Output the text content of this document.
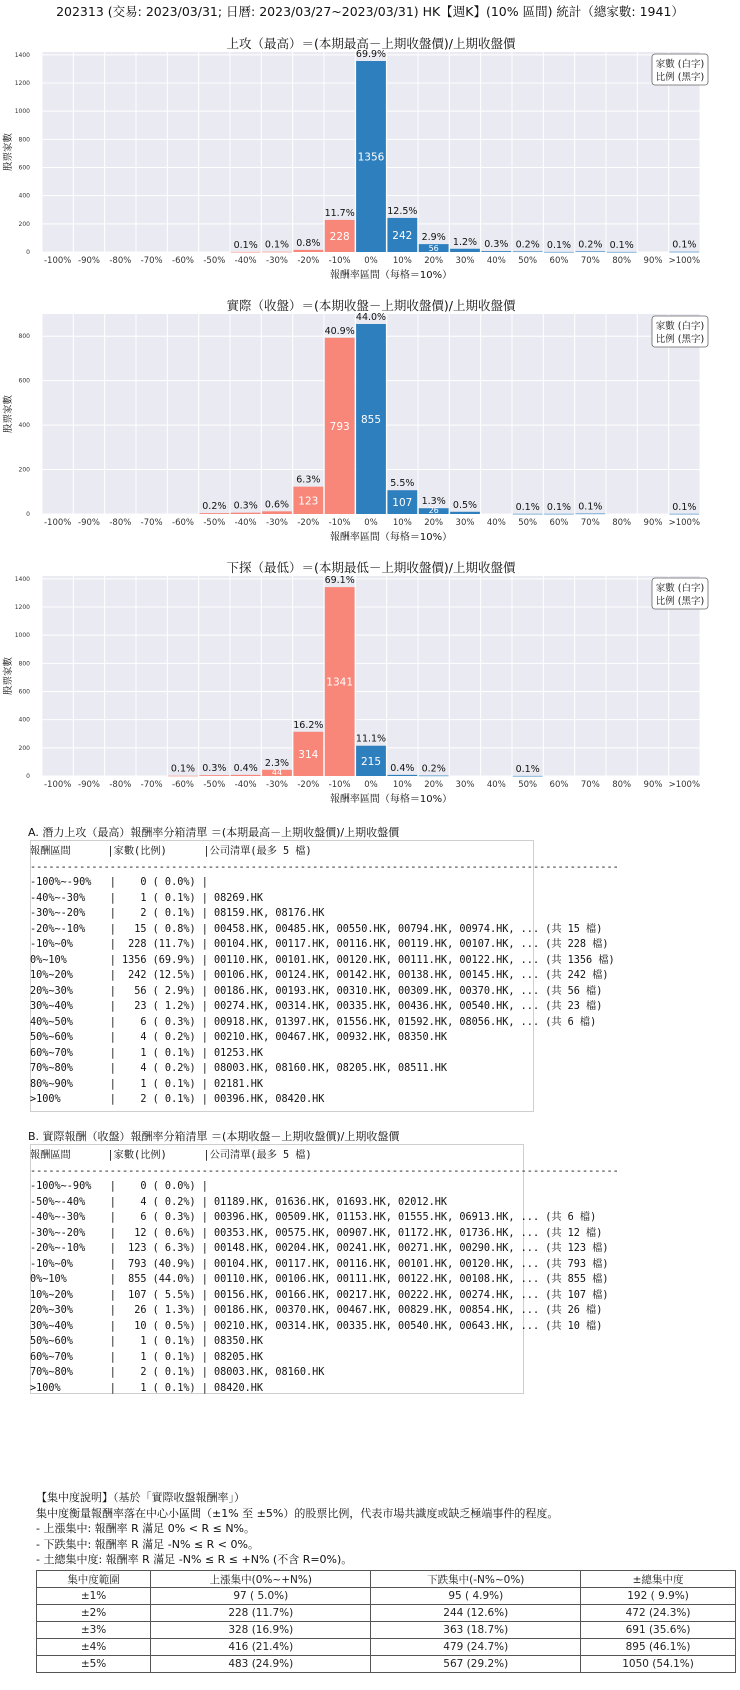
202313 (交易: 2023/03/31; 日曆: 2023/03/27~2023/03/31) HK【週K】(10% 區間) 統計（總家數: 1941）
上攻（最高）＝(本期最高－上期收盤價)/上期收盤價
0
200
400
600
800
1000
1200
1400
0.1% 0.1% 0.8%
11.7%
228
69.9%
1356
12.5%
242 2.9%
56
1.2% 0.3% 0.2% 0.1% 0.2% 0.1%	0.1%
-100% -90% -80% -70% -60% -50% -40% -30% -20% -10% 0% 10% 20% 30% 40% 50% 60% 70% 80% 90% >100%
報酬率區間（每格＝10%）
股票家數
家數 (白字)
比例 (黑字)
實際（收盤）＝(本期收盤－上期收盤價)/上期收盤價
0
200
400
600
800
0.2% 0.3% 0.6%
6.3%
123
40.9%
793
44.0%
855
5.5%
107 1.3%
26 0.5%	0.1% 0.1% 0.1%	0.1%
-100% -90% -80% -70% -60% -50% -40% -30% -20% -10% 0% 10% 20% 30% 40% 50% 60% 70% 80% 90% >100%
報酬率區間（每格＝10%）
股票家數
家數 (白字)
比例 (黑字)
下探（最低）＝(本期最低－上期收盤價)/上期收盤價
0
200
400
600
800
1000
1200
1400
0.1% 0.3% 0.4% 2.3%
44
16.2%
314
69.1%
1341
11.1%
215
0.4% 0.2%	0.1%
-100% -90% -80% -70% -60% -50% -40% -30% -20% -10% 0% 10% 20% 30% 40% 50% 60% 70% 80% 90% >100%
報酬率區間（每格＝10%）
股票家數
家數 (白字)
比例 (黑字)
A. 潛力上攻（最高）報酬率分箱清單 ＝(本期最高－上期收盤價)/上期收盤價
報酬區間      |家數(比例)      |公司清單(最多 5 檔)
------------------------------------------------------------------------------------------------
-100%~-90%   |    0 ( 0.0%) |
-40%~-30%    |    1 ( 0.1%) | 08269.HK
-30%~-20%    |    2 ( 0.1%) | 08159.HK, 08176.HK
-20%~-10%    |   15 ( 0.8%) | 00458.HK, 00485.HK, 00550.HK, 00794.HK, 00974.HK, ... (共 15 檔)
-10%~0%      |  228 (11.7%) | 00104.HK, 00117.HK, 00116.HK, 00119.HK, 00107.HK, ... (共 228 檔)
0%~10%       | 1356 (69.9%) | 00110.HK, 00101.HK, 00120.HK, 00111.HK, 00122.HK, ... (共 1356 檔)
10%~20%      |  242 (12.5%) | 00106.HK, 00124.HK, 00142.HK, 00138.HK, 00145.HK, ... (共 242 檔)
20%~30%      |   56 ( 2.9%) | 00186.HK, 00193.HK, 00310.HK, 00309.HK, 00370.HK, ... (共 56 檔)
30%~40%      |   23 ( 1.2%) | 00274.HK, 00314.HK, 00335.HK, 00436.HK, 00540.HK, ... (共 23 檔)
40%~50%      |    6 ( 0.3%) | 00918.HK, 01397.HK, 01556.HK, 01592.HK, 08056.HK, ... (共 6 檔)
50%~60%      |    4 ( 0.2%) | 00210.HK, 00467.HK, 00932.HK, 08350.HK
60%~70%      |    1 ( 0.1%) | 01253.HK
70%~80%      |    4 ( 0.2%) | 08003.HK, 08160.HK, 08205.HK, 08511.HK
80%~90%      |    1 ( 0.1%) | 02181.HK
>100%        |    2 ( 0.1%) | 00396.HK, 08420.HK
B. 實際報酬（收盤）報酬率分箱清單 ＝(本期收盤－上期收盤價)/上期收盤價
報酬區間      |家數(比例)      |公司清單(最多 5 檔)
------------------------------------------------------------------------------------------------
-100%~-90%   |    0 ( 0.0%) |
-50%~-40%    |    4 ( 0.2%) | 01189.HK, 01636.HK, 01693.HK, 02012.HK
-40%~-30%    |    6 ( 0.3%) | 00396.HK, 00509.HK, 01153.HK, 01555.HK, 06913.HK, ... (共 6 檔)
-30%~-20%    |   12 ( 0.6%) | 00353.HK, 00575.HK, 00907.HK, 01172.HK, 01736.HK, ... (共 12 檔)
-20%~-10%    |  123 ( 6.3%) | 00148.HK, 00204.HK, 00241.HK, 00271.HK, 00290.HK, ... (共 123 檔)
-10%~0%      |  793 (40.9%) | 00104.HK, 00117.HK, 00116.HK, 00101.HK, 00120.HK, ... (共 793 檔)
0%~10%       |  855 (44.0%) | 00110.HK, 00106.HK, 00111.HK, 00122.HK, 00108.HK, ... (共 855 檔)
10%~20%      |  107 ( 5.5%) | 00156.HK, 00166.HK, 00217.HK, 00222.HK, 00274.HK, ... (共 107 檔)
20%~30%      |   26 ( 1.3%) | 00186.HK, 00370.HK, 00467.HK, 00829.HK, 00854.HK, ... (共 26 檔)
30%~40%      |   10 ( 0.5%) | 00210.HK, 00314.HK, 00335.HK, 00540.HK, 00643.HK, ... (共 10 檔)
50%~60%      |    1 ( 0.1%) | 08350.HK
60%~70%      |    1 ( 0.1%) | 08205.HK
70%~80%      |    2 ( 0.1%) | 08003.HK, 08160.HK
>100%        |    1 ( 0.1%) | 08420.HK
【集中度說明】（基於「實際收盤報酬率」）
集中度衡量報酬率落在中心小區間（±1% 至 ±5%）的股票比例，代表市場共識度或缺乏極端事件的程度。
- 上漲集中: 報酬率 R 滿足 0% < R ≤ N%。
- 下跌集中: 報酬率 R 滿足 -N% ≤ R < 0%。
- 土總集中度: 報酬率 R 滿足 -N% ≤ R ≤ +N% (不含 R=0%)。
集中度範圍	上漲集中(0%~+N%)	下跌集中(-N%~0%)	±總集中度
±1%	97 ( 5.0%)	95 ( 4.9%)	192 ( 9.9%)
±2%	228 (11.7%)	244 (12.6%)	472 (24.3%)
±3%	328 (16.9%)	363 (18.7%)	691 (35.6%)
±4%	416 (21.4%)	479 (24.7%)	895 (46.1%)
±5%	483 (24.9%)	567 (29.2%)	1050 (54.1%)
